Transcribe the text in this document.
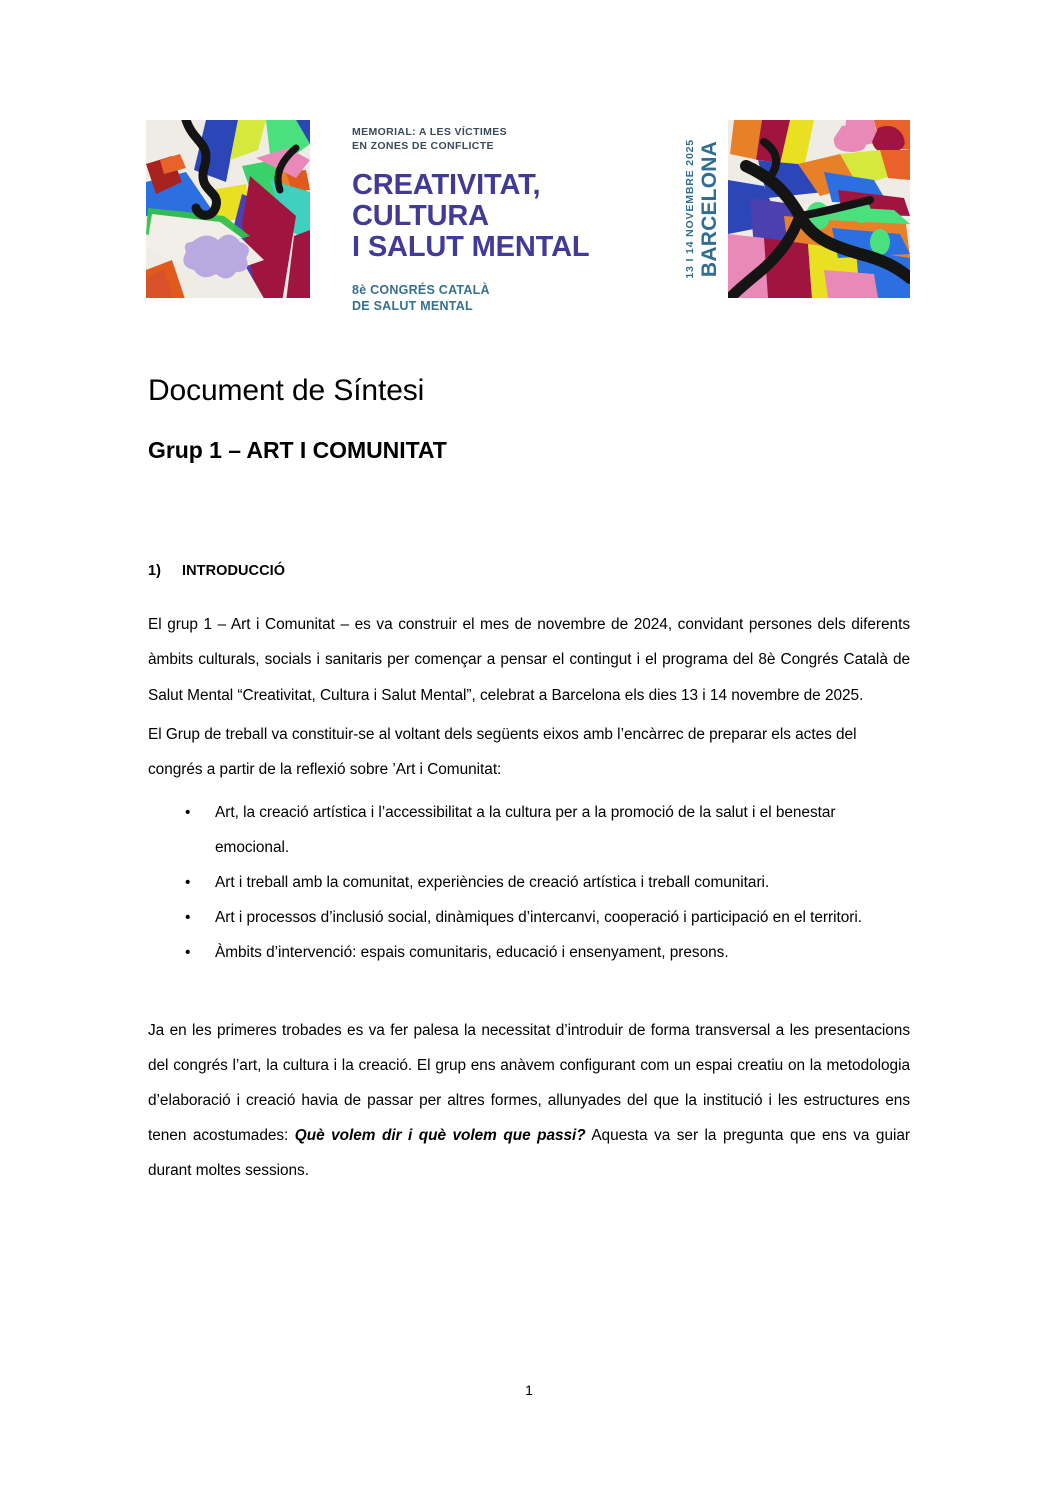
MEMORIAL: A LES VÍCTIMES
EN ZONES DE CONFLICTE
CREATIVITAT,
CULTURA
I SALUT MENTAL
8è CONGRÉS CATALÀ
DE SALUT MENTAL
13 I 14 NOVEMBRE 2025 BARCELONA
Document de Síntesi
Grup 1 – ART I COMUNITAT
1)	INTRODUCCIÓ

El grup 1 – Art i Comunitat – es va construir el mes de novembre de 2024, convidant persones dels diferents àmbits culturals, socials i sanitaris per començar a pensar el contingut i el programa del 8è Congrés Català de Salut Mental “Creativitat, Cultura i Salut Mental”, celebrat a Barcelona els dies 13 i 14 novembre de 2025.

El Grup de treball va constituir-se al voltant dels següents eixos amb l’encàrrec de preparar els actes del congrés a partir de la reflexió sobre ’Art i Comunitat:

• Art, la creació artística i l’accessibilitat a la cultura per a la promoció de la salut i el benestar emocional.
• Art i treball amb la comunitat, experiències de creació artística i treball comunitari.
• Art i processos d’inclusió social, dinàmiques d’intercanvi, cooperació i participació en el territori.
• Àmbits d’intervenció: espais comunitaris, educació i ensenyament, presons.

Ja en les primeres trobades es va fer palesa la necessitat d’introduir de forma transversal a les presentacions del congrés l’art, la cultura i la creació. El grup ens anàvem configurant com un espai creatiu on la metodologia d’elaboració i creació havia de passar per altres formes, allunyades del que la institució i les estructures ens tenen acostumades: Què volem dir i què volem que passi? Aquesta va ser la pregunta que ens va guiar durant moltes sessions.

1
